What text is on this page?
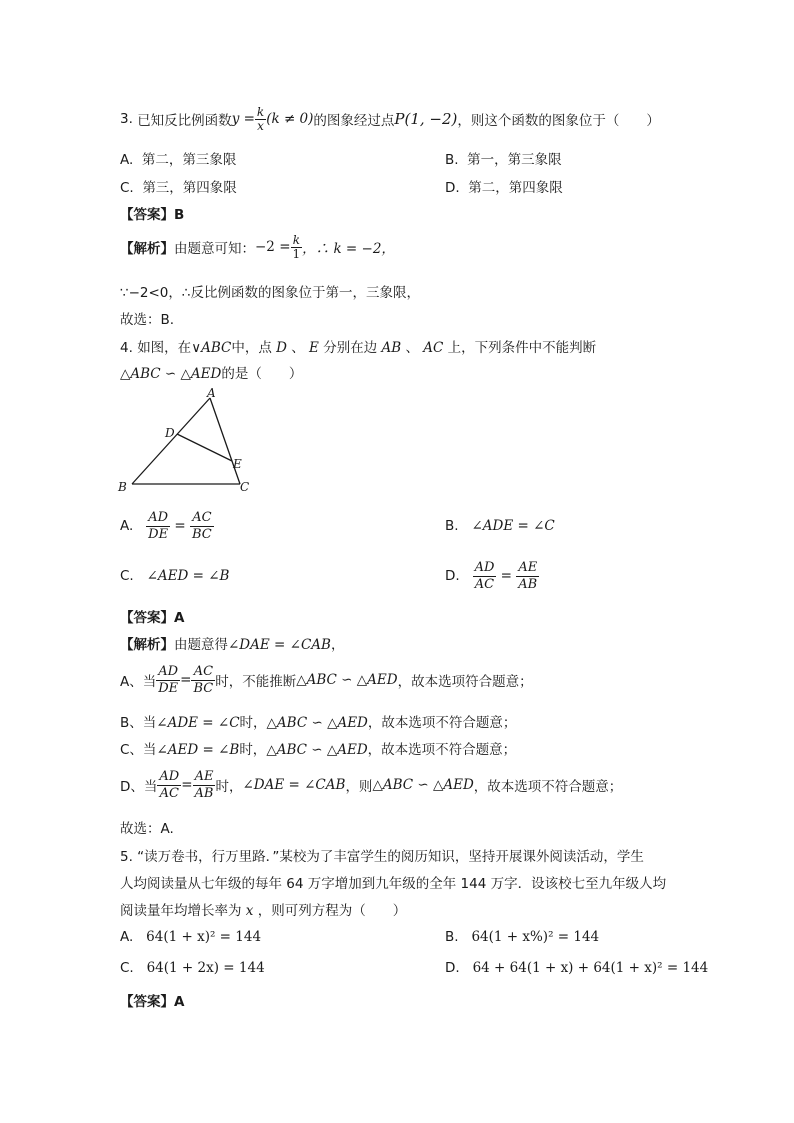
3.
已知反比例函数 $y = \frac{k}{x} (k \ne 0)$ 的图象经过点 P(1, −2) ，则这个函数的图象位于（　　）
A. 第二，第三象限	B. 第一，第三象限
C. 第三，第四象限	D. 第二，第四象限
【答案】B
【解析】 由题意可知： $-2 = \frac{k}{1}$ ，∴ k = −2，
∵−2<0，∴反比例函数的图象位于第一，三象限，
故选：B.
4. 如图，在∨ABC中，点 D 、 E 分别在边 AB 、 AC 上，下列条件中不能判断
△ABC ∽ △AED的是（　　）
A
D
E
B	C
A.
$\frac{AD}{DE} = \frac{AC}{BC}$	B. ∠ADE = ∠C
C. ∠AED = ∠B	D.
$\frac{AD}{AC} = \frac{AE}{AB}$
【答案】A
【解析】由题意得∠DAE = ∠CAB，
A、当 $\frac{AD}{DE} = \frac{AC}{BC}$ 时，不能推断 △ABC ∽ △AED ，故本选项符合题意；
B、当∠ADE = ∠C时，△ABC ∽ △AED，故本选项不符合题意；
C、当∠AED = ∠B时，△ABC ∽ △AED，故本选项不符合题意；
D、当 $\frac{AD}{AC} = \frac{AE}{AB}$ 时， ∠DAE = ∠CAB ，则 △ABC ∽ △AED ，故本选项不符合题意；
故选：A.
5. “读万卷书，行万里路．”某校为了丰富学生的阅历知识，坚持开展课外阅读活动，学生
人均阅读量从七年级的每年 64 万字增加到九年级的全年 144 万字．设该校七至九年级人均
阅读量年均增长率为 x ，则可列方程为（　　）
A. 64(1 + x)² = 144	B. 64(1 + x%)² = 144
C. 64(1 + 2x) = 144	D. 64 + 64(1 + x) + 64(1 + x)² = 144
【答案】A
